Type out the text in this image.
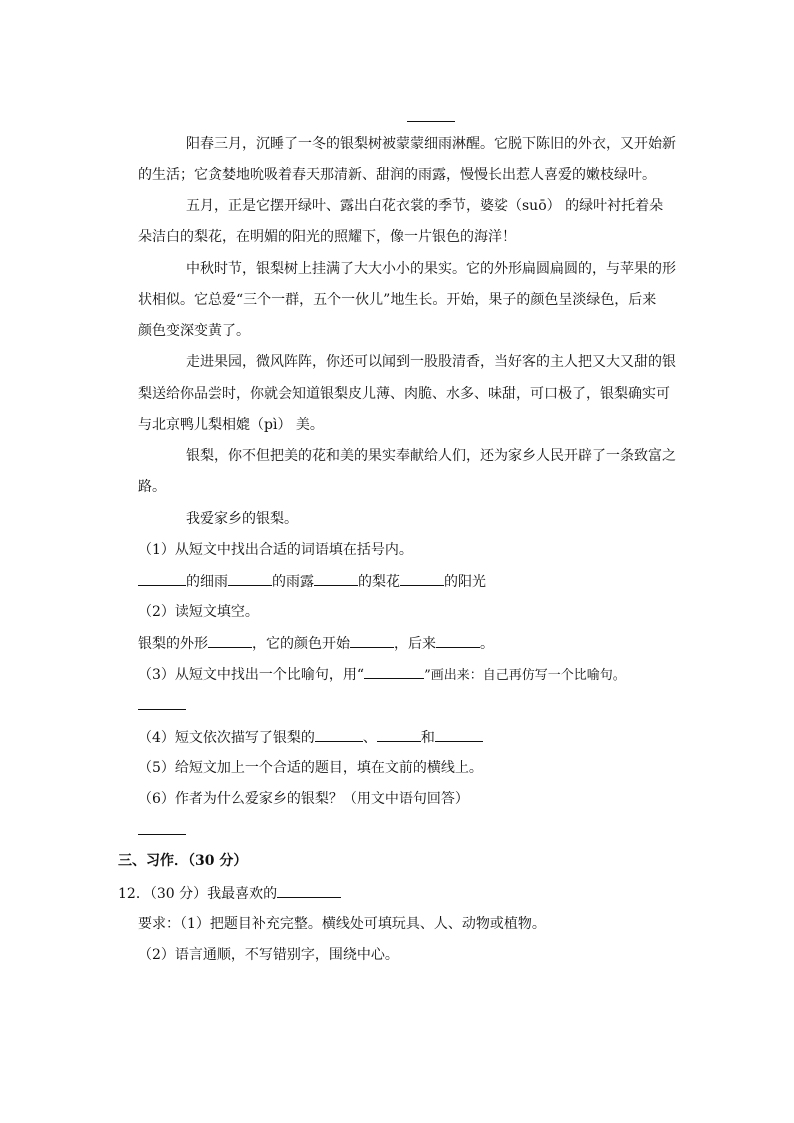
阳春三月，沉睡了一冬的银梨树被蒙蒙细雨淋醒。它脱下陈旧的外衣，又开始新
的生活；它贪婪地吮吸着春天那清新、甜润的雨露，慢慢长出惹人喜爱的嫩枝绿叶。
五月，正是它摆开绿叶、露出白花衣裳的季节，婆娑（suō） 的绿叶衬托着朵
朵洁白的梨花，在明媚的阳光的照耀下，像一片银色的海洋！
中秋时节，银梨树上挂满了大大小小的果实。它的外形扁圆扁圆的，与苹果的形
状相似。它总爱“三个一群，五个一伙儿”地生长。开始，果子的颜色呈淡绿色，后来
颜色变深变黄了。
走进果园，微风阵阵，你还可以闻到一股股清香，当好客的主人把又大又甜的银
梨送给你品尝时，你就会知道银梨皮儿薄、肉脆、水多、味甜，可口极了，银梨确实可
与北京鸭儿梨相媲（pì） 美。
银梨，你不但把美的花和美的果实奉献给人们，还为家乡人民开辟了一条致富之
路。
我爱家乡的银梨。
（1）从短文中找出合适的词语填在括号内。
的细雨	的雨露	的梨花	的阳光
（2）读短文填空。
银梨的外形	，它的颜色开始	，后来	。
（3）从短文中找出一个比喻句，用“	”画出来：自己再仿写一个比喻句。
（4）短文依次描写了银梨的	、	和
（5）给短文加上一个合适的题目，填在文前的横线上。
（6）作者为什么爱家乡的银梨？（用文中语句回答）
三、习作．（30 分）
12．（30 分）我最喜欢的
要求：（1）把题目补充完整。横线处可填玩具、人、动物或植物。
（2）语言通顺，不写错别字，围绕中心。
